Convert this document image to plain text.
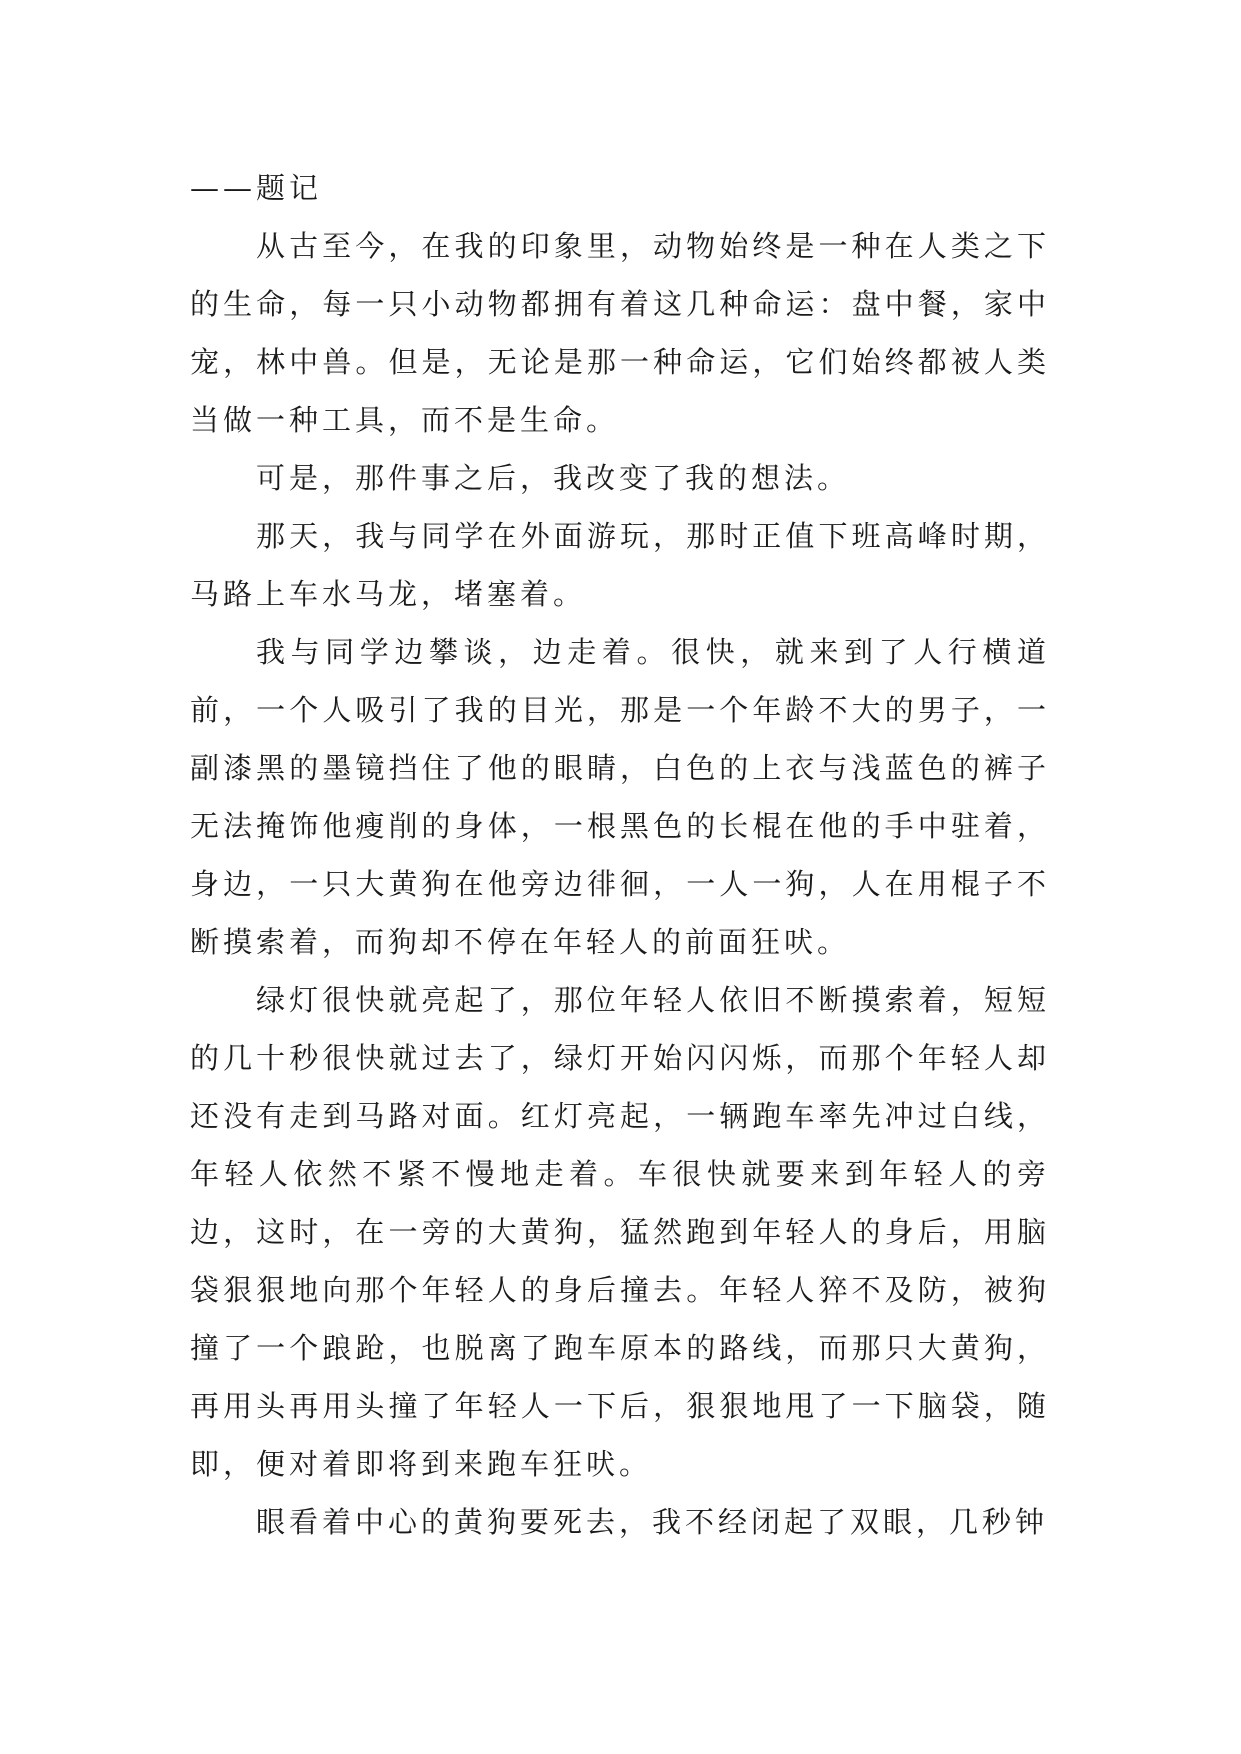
——题记

从古至今，在我的印象里，动物始终是一种在人类之下的生命，每一只小动物都拥有着这几种命运：盘中餐，家中宠，林中兽。但是，无论是那一种命运，它们始终都被人类当做一种工具，而不是生命。

可是，那件事之后，我改变了我的想法。

那天，我与同学在外面游玩，那时正值下班高峰时期，马路上车水马龙，堵塞着。

我与同学边攀谈，边走着。很快，就来到了人行横道前，一个人吸引了我的目光，那是一个年龄不大的男子，一副漆黑的墨镜挡住了他的眼睛，白色的上衣与浅蓝色的裤子无法掩饰他瘦削的身体，一根黑色的长棍在他的手中驻着，身边，一只大黄狗在他旁边徘徊，一人一狗，人在用棍子不断摸索着，而狗却不停在年轻人的前面狂吠。

绿灯很快就亮起了，那位年轻人依旧不断摸索着，短短的几十秒很快就过去了，绿灯开始闪闪烁，而那个年轻人却还没有走到马路对面。红灯亮起，一辆跑车率先冲过白线，年轻人依然不紧不慢地走着。车很快就要来到年轻人的旁边，这时，在一旁的大黄狗，猛然跑到年轻人的身后，用脑袋狠狠地向那个年轻人的身后撞去。年轻人猝不及防，被狗撞了一个踉跄，也脱离了跑车原本的路线，而那只大黄狗，再用头再用头撞了年轻人一下后，狠狠地甩了一下脑袋，随即，便对着即将到来跑车狂吠。

眼看着中心的黄狗要死去，我不经闭起了双眼，几秒钟
